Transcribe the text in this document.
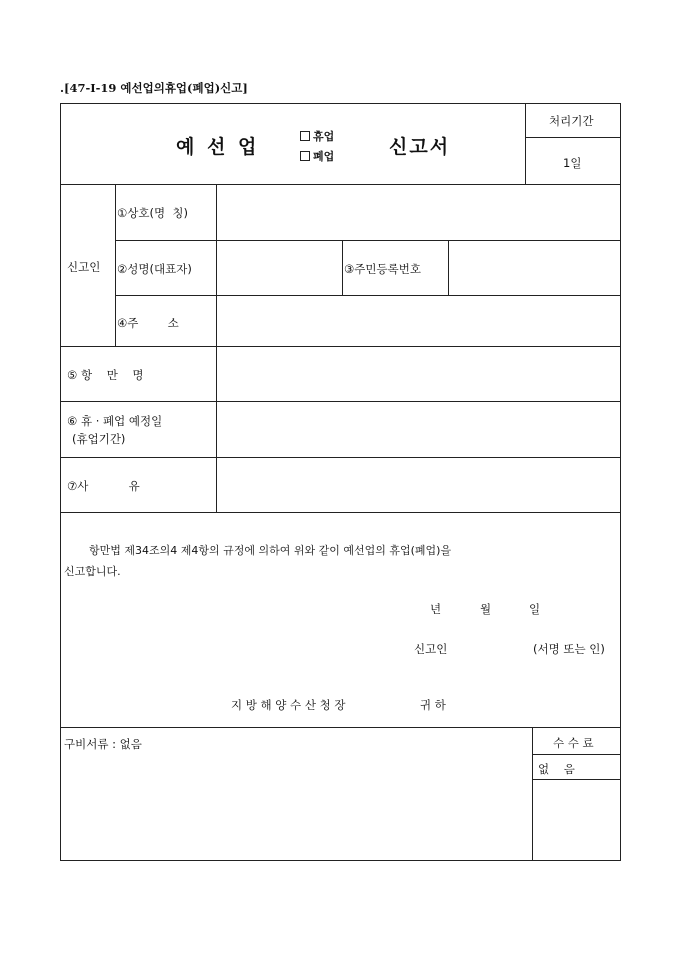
.[47-I-19 예선업의휴업(폐업)신고]
예 선 업	휴업
폐업	신고서
처리기간
1일
신고인
①상호(명  칭)
②성명(대표자)	③주민등록번호
④주        소
⑤ 항    만    명
⑥ 휴 · 폐업 예정일
(휴업기간)
⑦사           유
항만법 제34조의4 제4항의 규정에 의하여 위와 같이 예선업의 휴업(폐업)을
신고합니다.
년	월	일
신고인	(서명 또는 인)
지 방 해 양 수 산 청 장	귀 하
구비서류 : 없음	수 수 료
없    음
